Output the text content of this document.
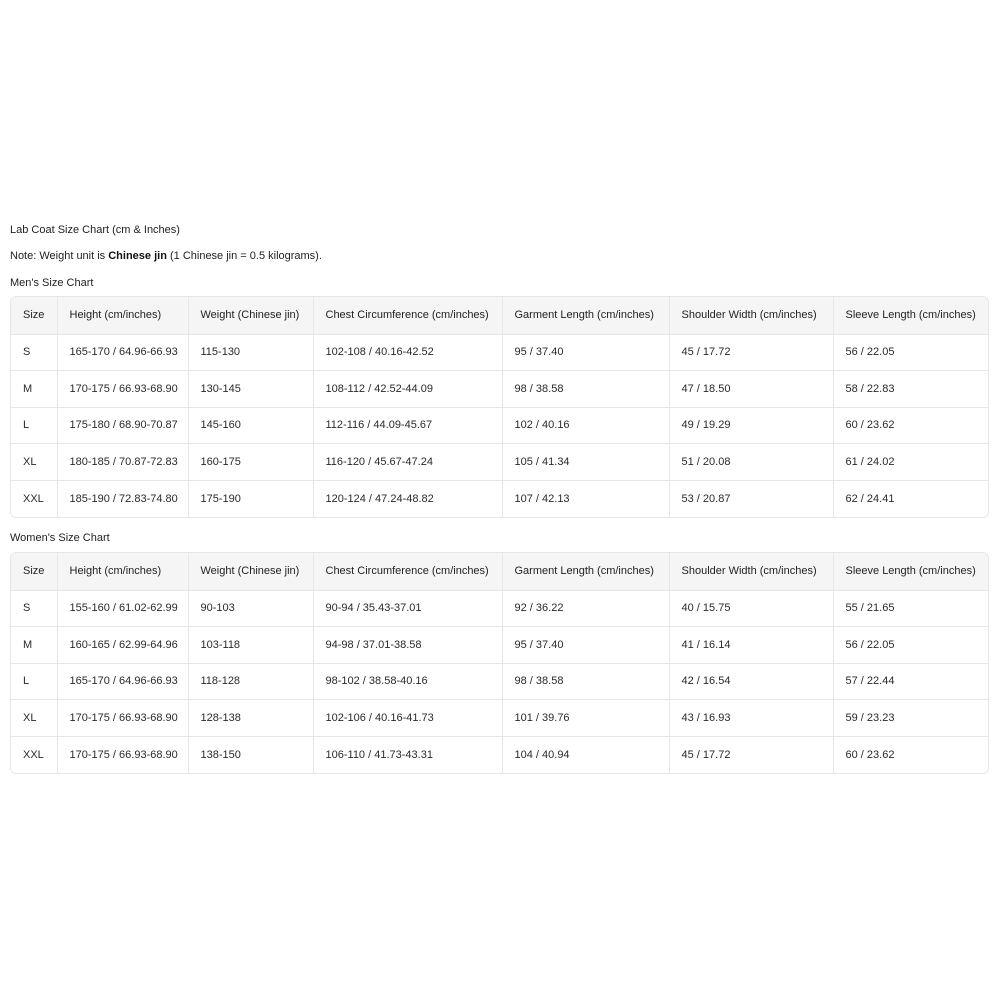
Lab Coat Size Chart (cm & Inches)
Note: Weight unit is Chinese jin (1 Chinese jin = 0.5 kilograms).
Men's Size Chart
Size	Height (cm/inches)	Weight (Chinese jin)	Chest Circumference (cm/inches)	Garment Length (cm/inches)	Shoulder Width (cm/inches)	Sleeve Length (cm/inches)
S	165-170 / 64.96-66.93	115-130	102-108 / 40.16-42.52	95 / 37.40	45 / 17.72	56 / 22.05
M	170-175 / 66.93-68.90	130-145	108-112 / 42.52-44.09	98 / 38.58	47 / 18.50	58 / 22.83
L	175-180 / 68.90-70.87	145-160	112-116 / 44.09-45.67	102 / 40.16	49 / 19.29	60 / 23.62
XL	180-185 / 70.87-72.83	160-175	116-120 / 45.67-47.24	105 / 41.34	51 / 20.08	61 / 24.02
XXL	185-190 / 72.83-74.80	175-190	120-124 / 47.24-48.82	107 / 42.13	53 / 20.87	62 / 24.41
Women's Size Chart
Size	Height (cm/inches)	Weight (Chinese jin)	Chest Circumference (cm/inches)	Garment Length (cm/inches)	Shoulder Width (cm/inches)	Sleeve Length (cm/inches)
S	155-160 / 61.02-62.99	90-103	90-94 / 35.43-37.01	92 / 36.22	40 / 15.75	55 / 21.65
M	160-165 / 62.99-64.96	103-118	94-98 / 37.01-38.58	95 / 37.40	41 / 16.14	56 / 22.05
L	165-170 / 64.96-66.93	118-128	98-102 / 38.58-40.16	98 / 38.58	42 / 16.54	57 / 22.44
XL	170-175 / 66.93-68.90	128-138	102-106 / 40.16-41.73	101 / 39.76	43 / 16.93	59 / 23.23
XXL	170-175 / 66.93-68.90	138-150	106-110 / 41.73-43.31	104 / 40.94	45 / 17.72	60 / 23.62
